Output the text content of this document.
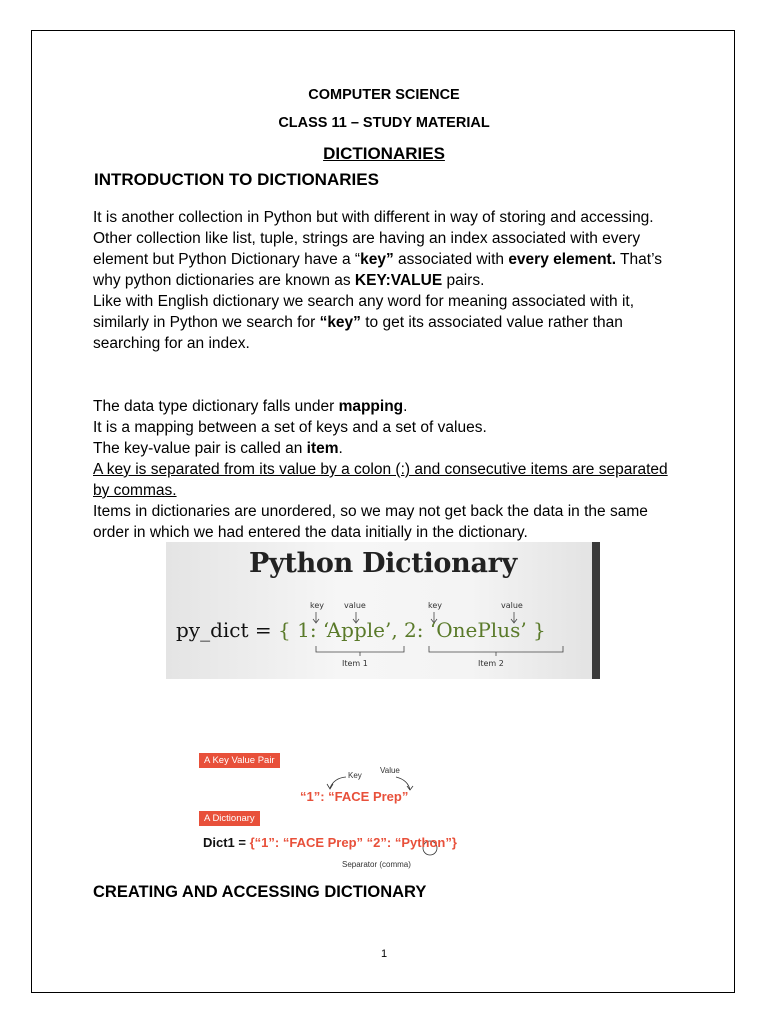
COMPUTER SCIENCE
CLASS 11 – STUDY MATERIAL
DICTIONARIES
INTRODUCTION TO DICTIONARIES
It is another collection in Python but with different in way of storing and accessing. Other collection like list, tuple, strings are having an index associated with every element but Python Dictionary have a “key” associated with every element. That’s why python dictionaries are known as KEY:VALUE pairs.
Like with English dictionary we search any word for meaning associated with it, similarly in Python we search for “key” to get its associated value rather than searching for an index.
The data type dictionary falls under mapping.
It is a mapping between a set of keys and a set of values.
The key-value pair is called an item.
A key is separated from its value by a colon (:) and consecutive items are separated by commas.
Items in dictionaries are unordered, so we may not get back the data in the same order in which we had entered the data initially in the dictionary.
Python Dictionary
key value	key	value
py_dict = { 1: ‘Apple’, 2: ‘OnePlus’ }
Item 1	Item 2
A Key Value Pair
Key
Value
“1”: “FACE Prep”
A Dictionary
Dict1 = {“1”: “FACE Prep” “2”: “Python”}
Separator (comma)
CREATING AND ACCESSING DICTIONARY
1
